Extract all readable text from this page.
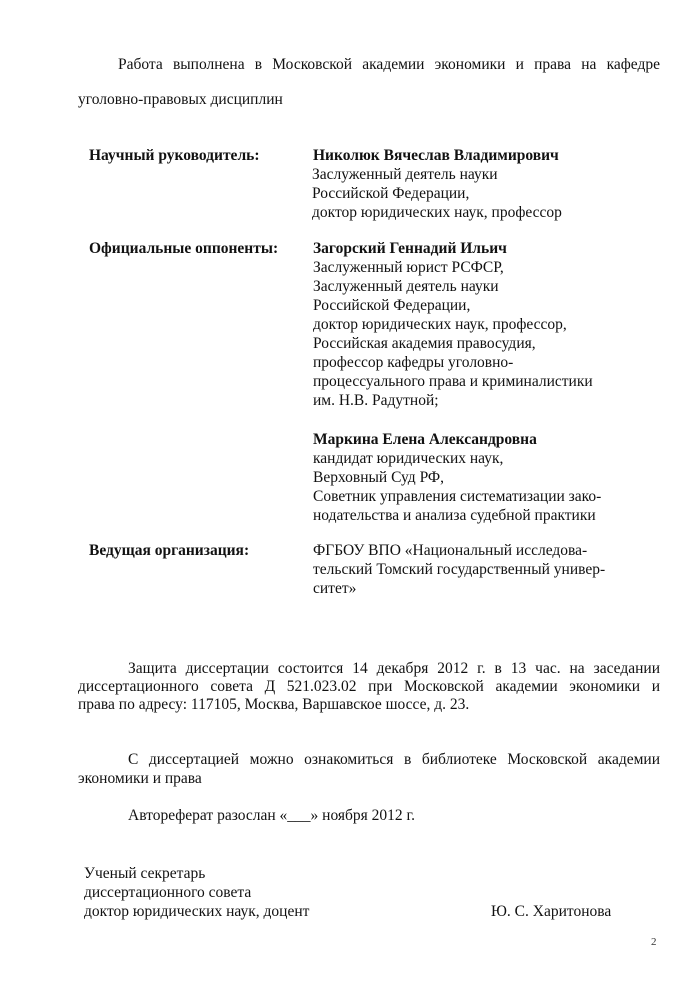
Работа выполнена в Московской академии экономики и права на кафедре
уголовно-правовых дисциплин
Научный руководитель:	Николюк Вячеслав Владимирович
Заслуженный деятель науки
Российской Федерации,
доктор юридических наук, профессор
Официальные оппоненты: Загорский Геннадий Ильич
Заслуженный юрист РСФСР,
Заслуженный деятель науки
Российской Федерации,
доктор юридических наук, профессор,
Российская академия правосудия,
профессор кафедры уголовно-
процессуального права и криминалистики
им. Н.В. Радутной;
Маркина Елена Александровна
кандидат юридических наук,
Верховный Суд РФ,
Советник управления систематизации зако-
нодательства и анализа судебной практики
Ведущая организация:	ФГБОУ ВПО «Национальный исследова-
тельский Томский государственный универ-
ситет»
Защита диссертации состоится 14 декабря 2012 г. в 13 час. на заседании
диссертационного совета Д 521.023.02 при Московской академии экономики и
права по адресу: 117105, Москва, Варшавское шоссе, д. 23.
С диссертацией можно ознакомиться в библиотеке Московской академии
экономики и права
Автореферат разослан «___» ноября 2012 г.
Ученый секретарь
диссертационного совета
доктор юридических наук, доцент	Ю. С. Харитонова
2
